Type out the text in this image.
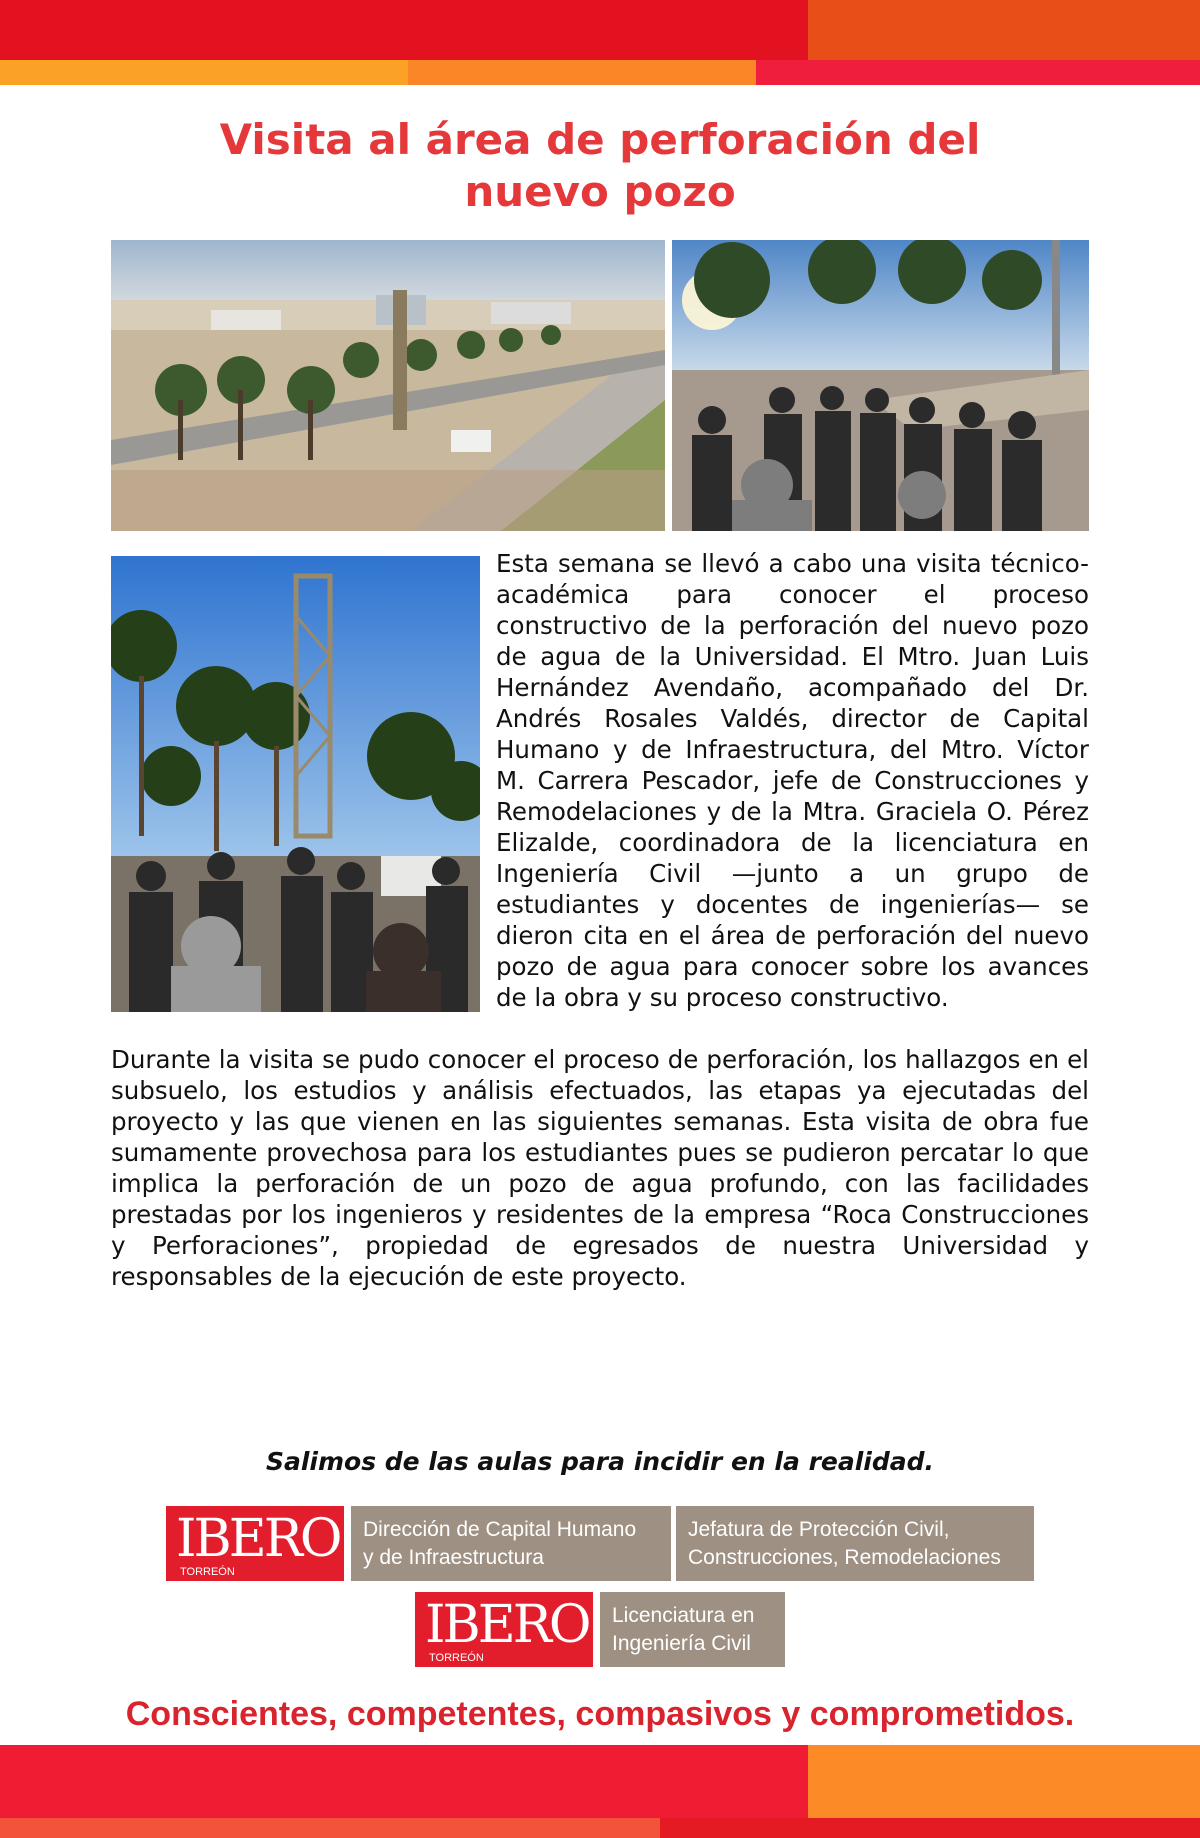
Visita al área de perforación del
nuevo pozo

Esta semana se llevó a cabo una visita técnico-académica para conocer el proceso constructivo de la perforación del nuevo pozo de agua de la Universidad. El Mtro. Juan Luis Hernández Avendaño, acompañado del Dr. Andrés Rosales Valdés, director de Capital Humano y de Infraestructura, del Mtro. Víctor M. Carrera Pescador, jefe de Construcciones y Remodelaciones y de la Mtra. Graciela O. Pérez Elizalde, coordinadora de la licenciatura en Ingeniería Civil —junto a un grupo de estudiantes y docentes de ingenierías— se dieron cita en el área de perforación del nuevo pozo de agua para conocer sobre los avances de la obra y su proceso constructivo.

Durante la visita se pudo conocer el proceso de perforación, los hallazgos en el subsuelo, los estudios y análisis efectuados, las etapas ya ejecutadas del proyecto y las que vienen en las siguientes semanas. Esta visita de obra fue sumamente provechosa para los estudiantes pues se pudieron percatar lo que implica la perforación de un pozo de agua profundo, con las facilidades prestadas por los ingenieros y residentes de la empresa “Roca Construcciones y Perforaciones”, propiedad de egresados de nuestra Universidad y responsables de la ejecución de este proyecto.

Salimos de las aulas para incidir en la realidad.

IBERO
TORREÓN
Dirección de Capital Humano
y de Infraestructura
Jefatura de Protección Civil,
Construcciones, Remodelaciones
IBERO
TORREÓN
Licenciatura en
Ingeniería Civil

Conscientes, competentes, compasivos y comprometidos.
